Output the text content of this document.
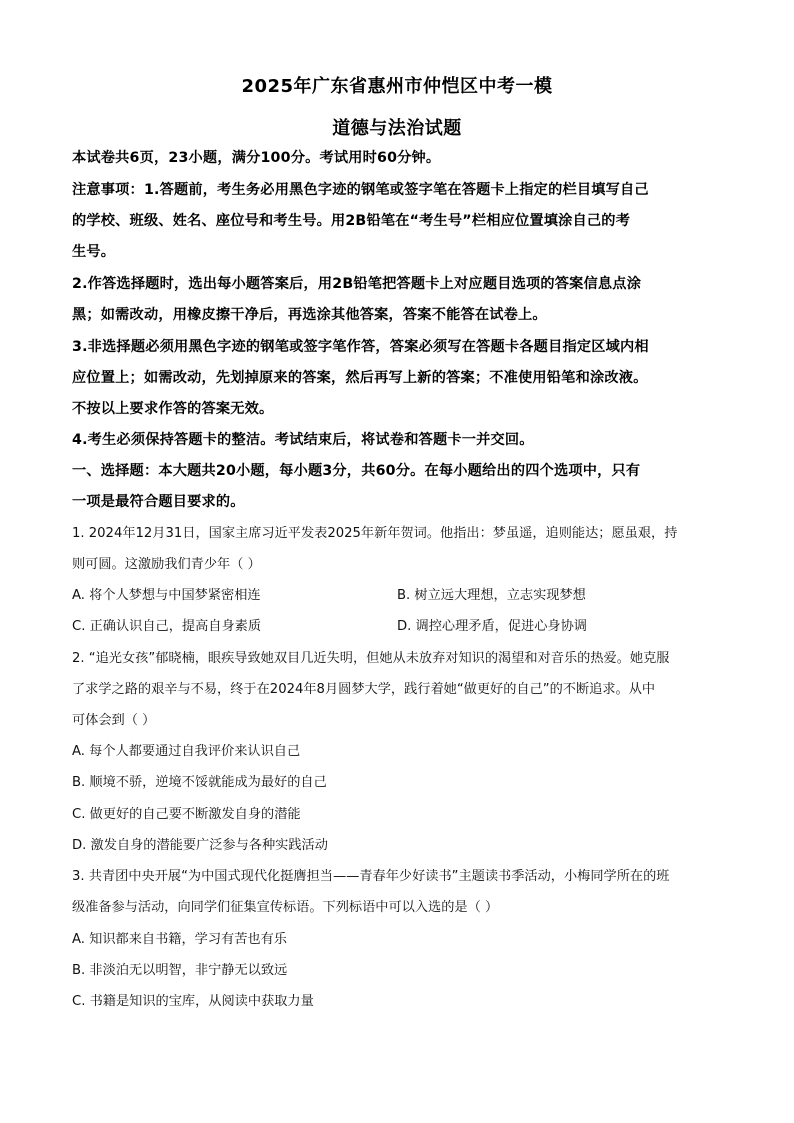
2025年广东省惠州市仲恺区中考一模
道德与法治试题
本试卷共6页，23小题，满分100分。考试用时60分钟。
注意事项：1.答题前，考生务必用黑色字迹的钢笔或签字笔在答题卡上指定的栏目填写自己
的学校、班级、姓名、座位号和考生号。用2B铅笔在“考生号”栏相应位置填涂自己的考
生号。
2.作答选择题时，选出每小题答案后，用2B铅笔把答题卡上对应题目选项的答案信息点涂
黑；如需改动，用橡皮擦干净后，再选涂其他答案，答案不能答在试卷上。
3.非选择题必须用黑色字迹的钢笔或签字笔作答，答案必须写在答题卡各题目指定区域内相
应位置上；如需改动，先划掉原来的答案，然后再写上新的答案；不准使用铅笔和涂改液。
不按以上要求作答的答案无效。
4.考生必须保持答题卡的整洁。考试结束后，将试卷和答题卡一并交回。
一、选择题：本大题共20小题，每小题3分，共60分。在每小题给出的四个选项中，只有
一项是最符合题目要求的。
1. 2024年12月31日，国家主席习近平发表2025年新年贺词。他指出：梦虽遥，追则能达；愿虽艰，持
则可圆。这激励我们青少年（ ）
A. 将个人梦想与中国梦紧密相连	B. 树立远大理想，立志实现梦想
C. 正确认识自己，提高自身素质	D. 调控心理矛盾，促进心身协调
2. “追光女孩”郁晓楠，眼疾导致她双目几近失明，但她从未放弃对知识的渴望和对音乐的热爱。她克服
了求学之路的艰辛与不易，终于在2024年8月圆梦大学，践行着她“做更好的自己”的不断追求。从中
可体会到（ ）
A. 每个人都要通过自我评价来认识自己
B. 顺境不骄，逆境不馁就能成为最好的自己
C. 做更好的自己要不断激发自身的潜能
D. 激发自身的潜能要广泛参与各种实践活动
3. 共青团中央开展“为中国式现代化挺膺担当——青春年少好读书”主题读书季活动，小梅同学所在的班
级准备参与活动，向同学们征集宣传标语。下列标语中可以入选的是（ ）
A. 知识都来自书籍，学习有苦也有乐
B. 非淡泊无以明智，非宁静无以致远
C. 书籍是知识的宝库，从阅读中获取力量
